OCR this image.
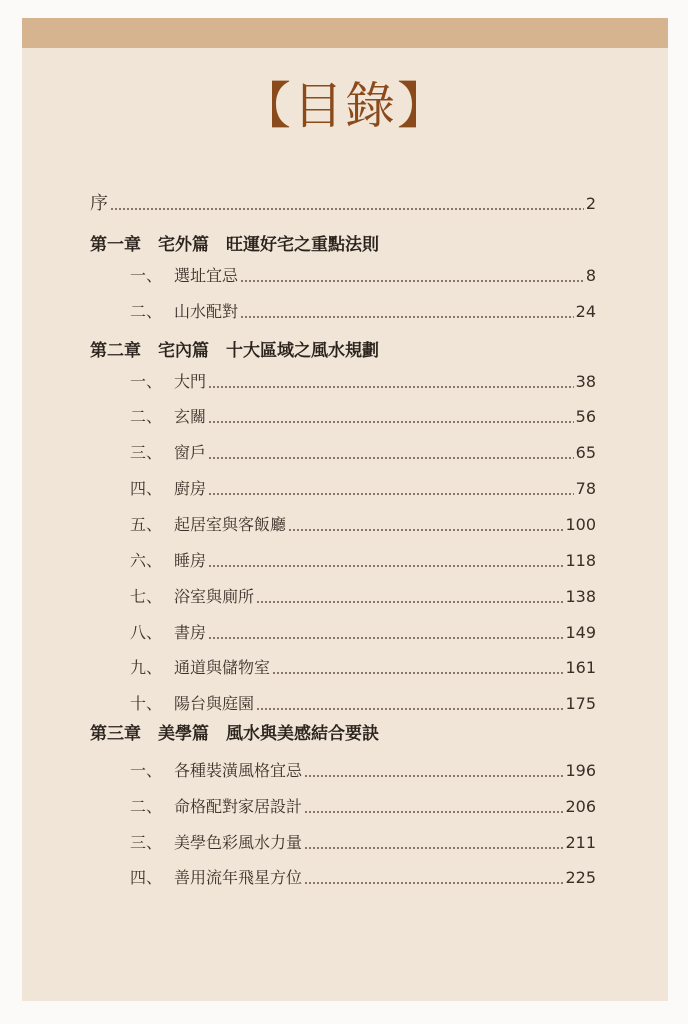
【目錄】
序	2
第一章　宅外篇　旺運好宅之重點法則
一、 選址宜忌	8
二、 山水配對	24
第二章　宅內篇　十大區域之風水規劃
一、 大門	38
二、 玄關	56
三、 窗戶	65
四、 廚房	78
五、 起居室與客飯廳	100
六、 睡房	118
七、 浴室與廁所	138
八、 書房	149
九、 通道與儲物室	161
十、 陽台與庭園	175
第三章　美學篇　風水與美感結合要訣
一、 各種裝潢風格宜忌	196
二、 命格配對家居設計	206
三、 美學色彩風水力量	211
四、 善用流年飛星方位	225
